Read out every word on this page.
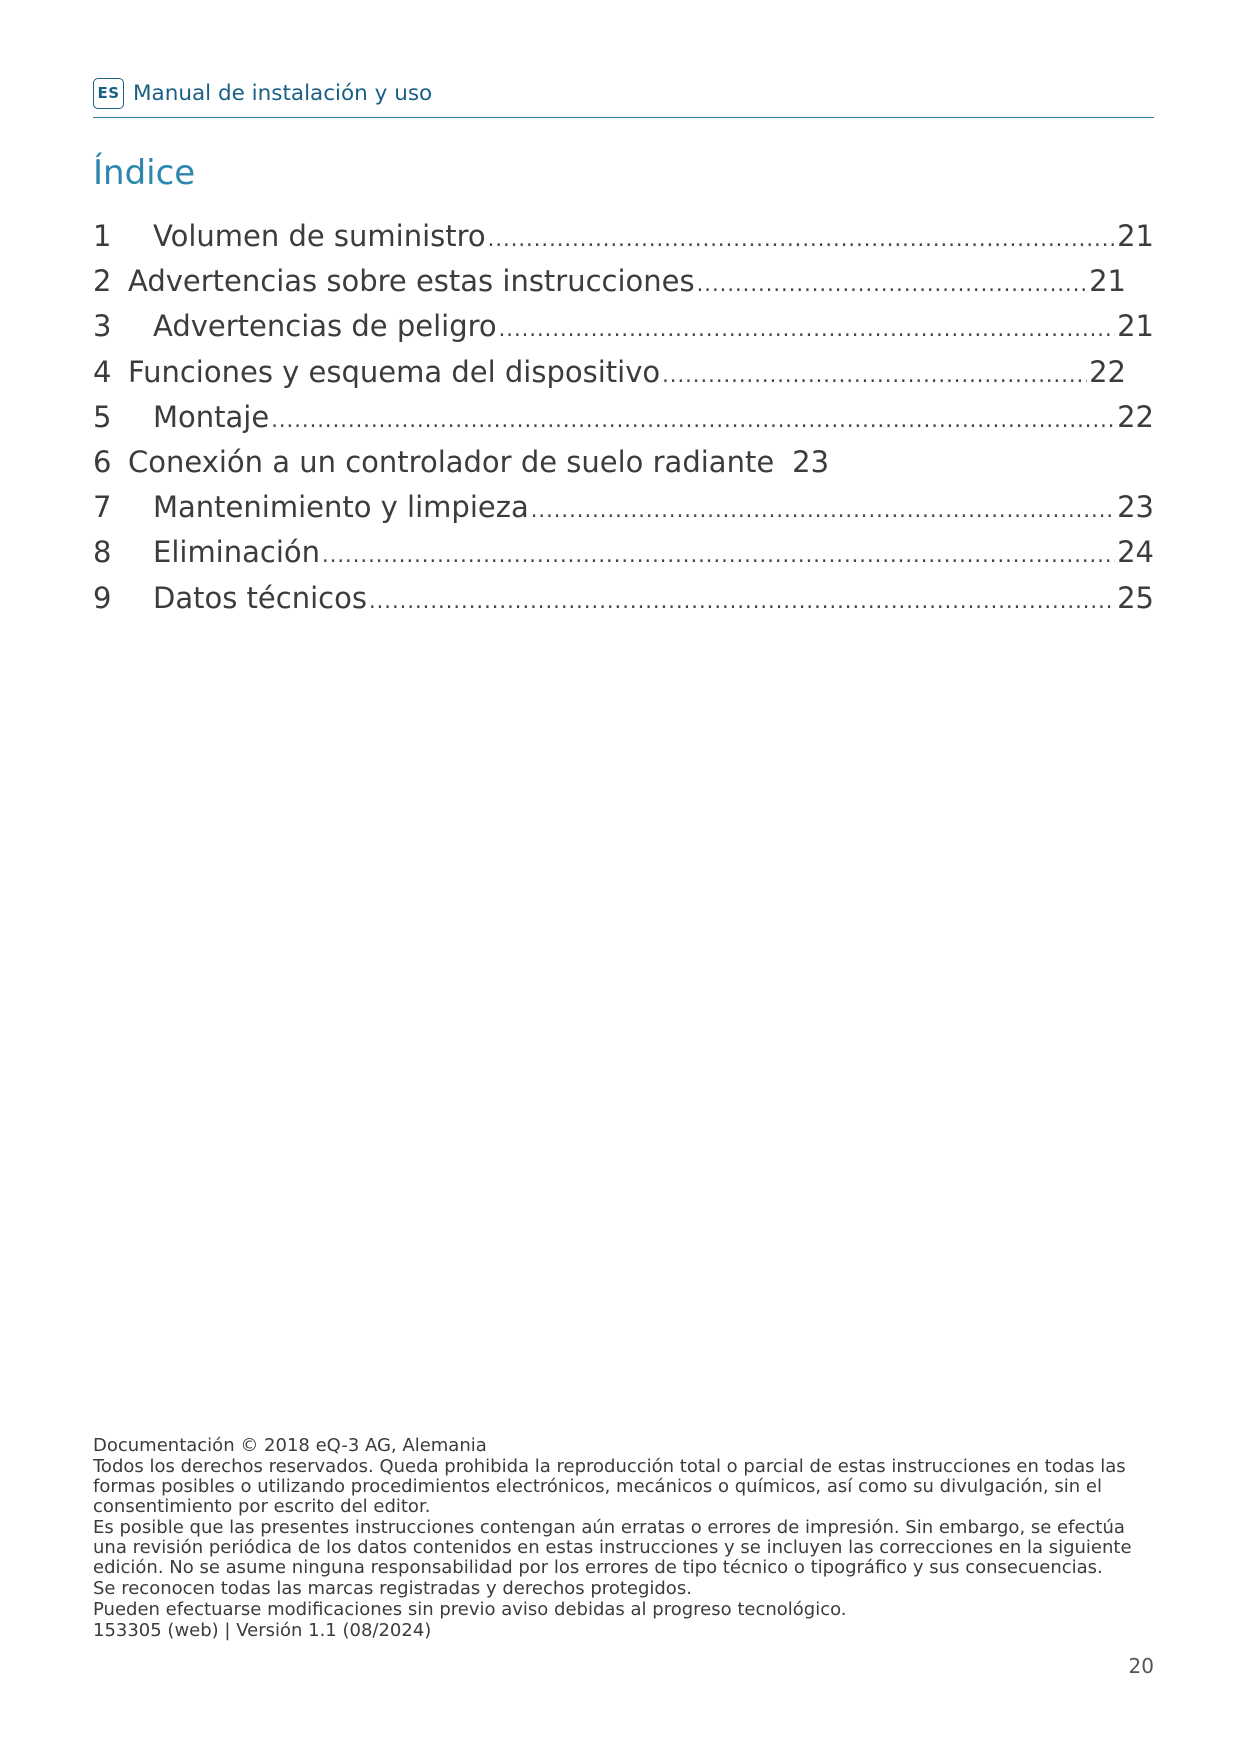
ES Manual de instalación y uso
Índice
1	Volumen de suministro .....	21
2 Advertencias sobre estas instrucciones .....	21
3	Advertencias de peligro .....	21
4 Funciones y esquema del dispositivo .....	22
5	Montaje .....	22
6 Conexión a un controlador de suelo radiante 23
7	Mantenimiento y limpieza .....	23
8	Eliminación .....	24
9	Datos técnicos .....	25

Documentación © 2018 eQ-3 AG, Alemania

Todos los derechos reservados. Queda prohibida la reproducción total o parcial de estas instrucciones en todas las formas posibles o utilizando procedimientos electrónicos, mecánicos o químicos, así como su divulgación, sin el consentimiento por escrito del editor.

Es posible que las presentes instrucciones contengan aún erratas o errores de impresión. Sin embargo, se efectúa una revisión periódica de los datos contenidos en estas instrucciones y se incluyen las correcciones en la siguiente edición. No se asume ninguna responsabilidad por los errores de tipo técnico o tipográfico y sus consecuencias.

Se reconocen todas las marcas registradas y derechos protegidos.

Pueden efectuarse modificaciones sin previo aviso debidas al progreso tecnológico.

153305 (web) | Versión 1.1 (08/2024)

20
